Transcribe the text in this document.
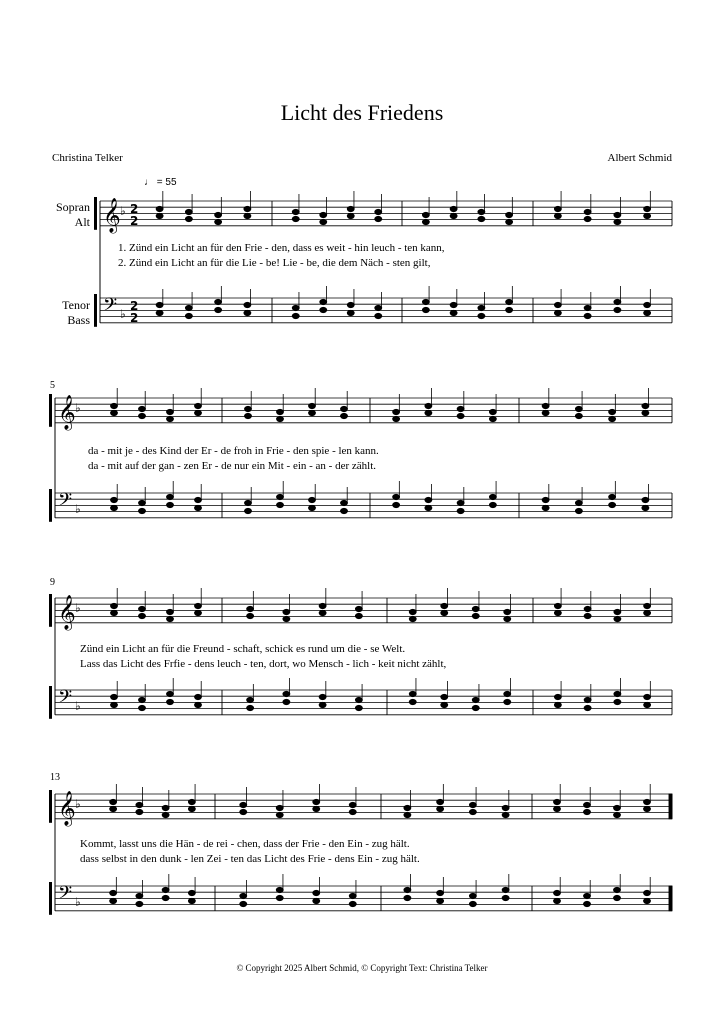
Licht des Friedens
Christina Telker	Albert Schmid
♩ = 55
Sopran
Alt
Tenor
Bass
5
9
13
1. Zünd ein Licht an für den Frie - den, dass es weit - hin leuch - ten kann,
2. Zünd ein Licht an für die Lie - be! Lie - be, die dem Näch - sten gilt,
da - mit je - des Kind der Er - de froh in Frie - den spie - len kann.
da - mit auf der gan - zen Er - de nur ein Mit - ein - an - der zählt.
Zünd ein Licht an für die Freund - schaft, schick es rund um die - se Welt.
Lass das Licht des Frfie - dens leuch - ten, dort, wo Mensch - lich - keit nicht zählt,
Kommt, lasst uns die Hän - de rei - chen, dass der Frie - den Ein - zug hält.
dass selbst in den dunk - len Zei - ten das Licht des Frie - dens Ein - zug hält.
© Copyright 2025 Albert Schmid, © Copyright Text: Christina Telker
𝄞 ♭ 2
2
𝄢 ♭
2
2
𝄞 ♭
𝄢 ♭
𝄞 ♭
𝄢 ♭
𝄞 ♭
𝄢 ♭
